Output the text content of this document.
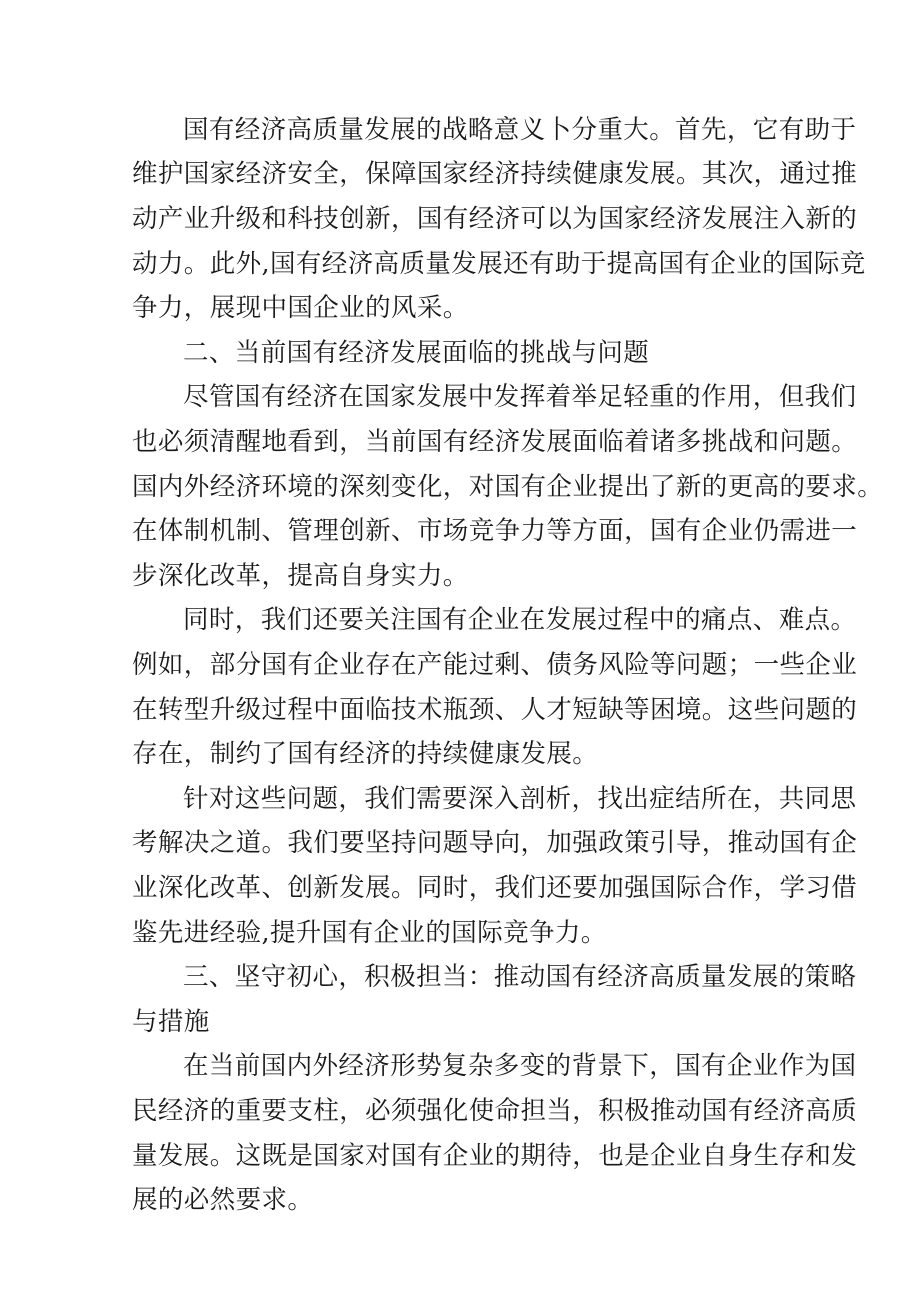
国有经济高质量发展的战略意义卜分重大。首先，它有助于
维护国家经济安全，保障国家经济持续健康发展。其次，通过推
动产业升级和科技创新，国有经济可以为国家经济发展注入新的
动力。此外,国有经济高质量发展还有助于提高国有企业的国际竞
争力，展现中国企业的风采。
二、当前国有经济发展面临的挑战与问题
尽管国有经济在国家发展中发挥着举足轻重的作用，但我们
也必须清醒地看到，当前国有经济发展面临着诸多挑战和问题。
国内外经济环境的深刻变化，对国有企业提出了新的更高的要求。
在体制机制、管理创新、市场竞争力等方面，国有企业仍需进一
步深化改革，提高自身实力。
同时，我们还要关注国有企业在发展过程中的痛点、难点。
例如，部分国有企业存在产能过剩、债务风险等问题；一些企业
在转型升级过程中面临技术瓶颈、人才短缺等困境。这些问题的
存在，制约了国有经济的持续健康发展。
针对这些问题，我们需要深入剖析，找出症结所在，共同思
考解决之道。我们要坚持问题导向，加强政策引导，推动国有企
业深化改革、创新发展。同时，我们还要加强国际合作，学习借
鉴先进经验,提升国有企业的国际竞争力。
三、坚守初心，积极担当：推动国有经济高质量发展的策略
与措施
在当前国内外经济形势复杂多变的背景下，国有企业作为国
民经济的重要支柱，必须强化使命担当，积极推动国有经济高质
量发展。这既是国家对国有企业的期待，也是企业自身生存和发
展的必然要求。
